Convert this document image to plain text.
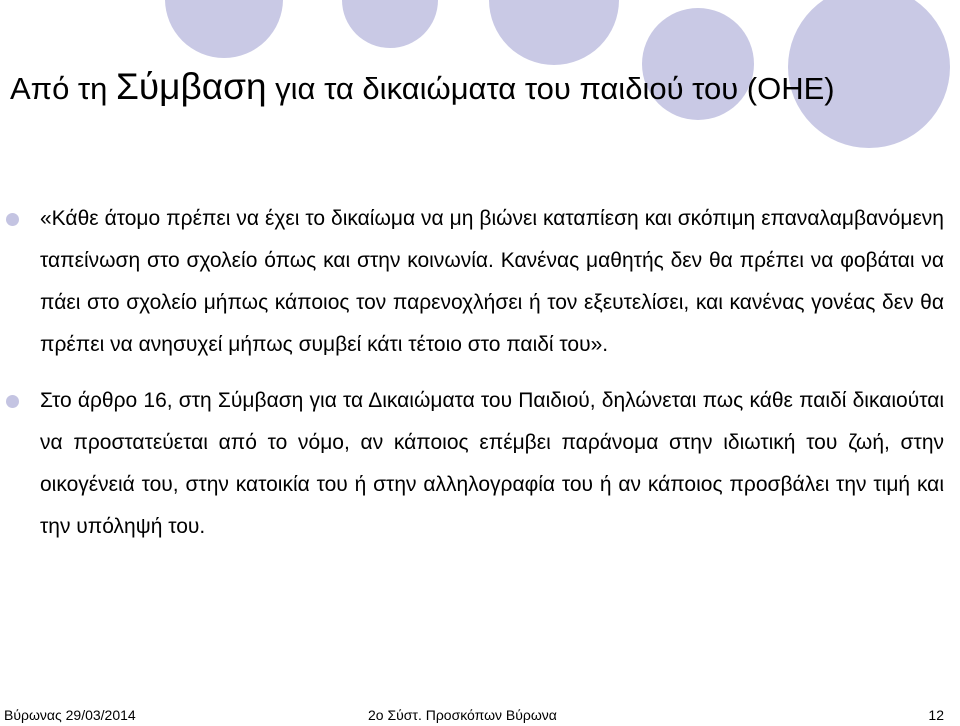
Από τη Σύμβαση για τα δικαιώματα του παιδιού του (ΟΗΕ)
«Κάθε άτομο πρέπει να έχει το δικαίωμα να μη βιώνει καταπίεση και σκόπιμη επαναλαμβανόμενη ταπείνωση στο σχολείο όπως και στην κοινωνία. Κανένας μαθητής δεν θα πρέπει να φοβάται να πάει στο σχολείο μήπως κάποιος τον παρενοχλήσει ή τον εξευτελίσει, και κανένας γονέας δεν θα πρέπει να ανησυχεί μήπως συμβεί κάτι τέτοιο στο παιδί του».
Στο άρθρο 16, στη Σύμβαση για τα Δικαιώματα του Παιδιού, δηλώνεται πως κάθε παιδί δικαιούται να προστατεύεται από το νόμο, αν κάποιος επέμβει παράνομα στην ιδιωτική του ζωή, στην οικογένειά του, στην κατοικία του ή στην αλληλογραφία του ή αν κάποιος προσβάλει την τιμή και την υπόληψή του.
Βύρωνας 29/03/2014	2ο Σύστ. Προσκόπων Βύρωνα	12
